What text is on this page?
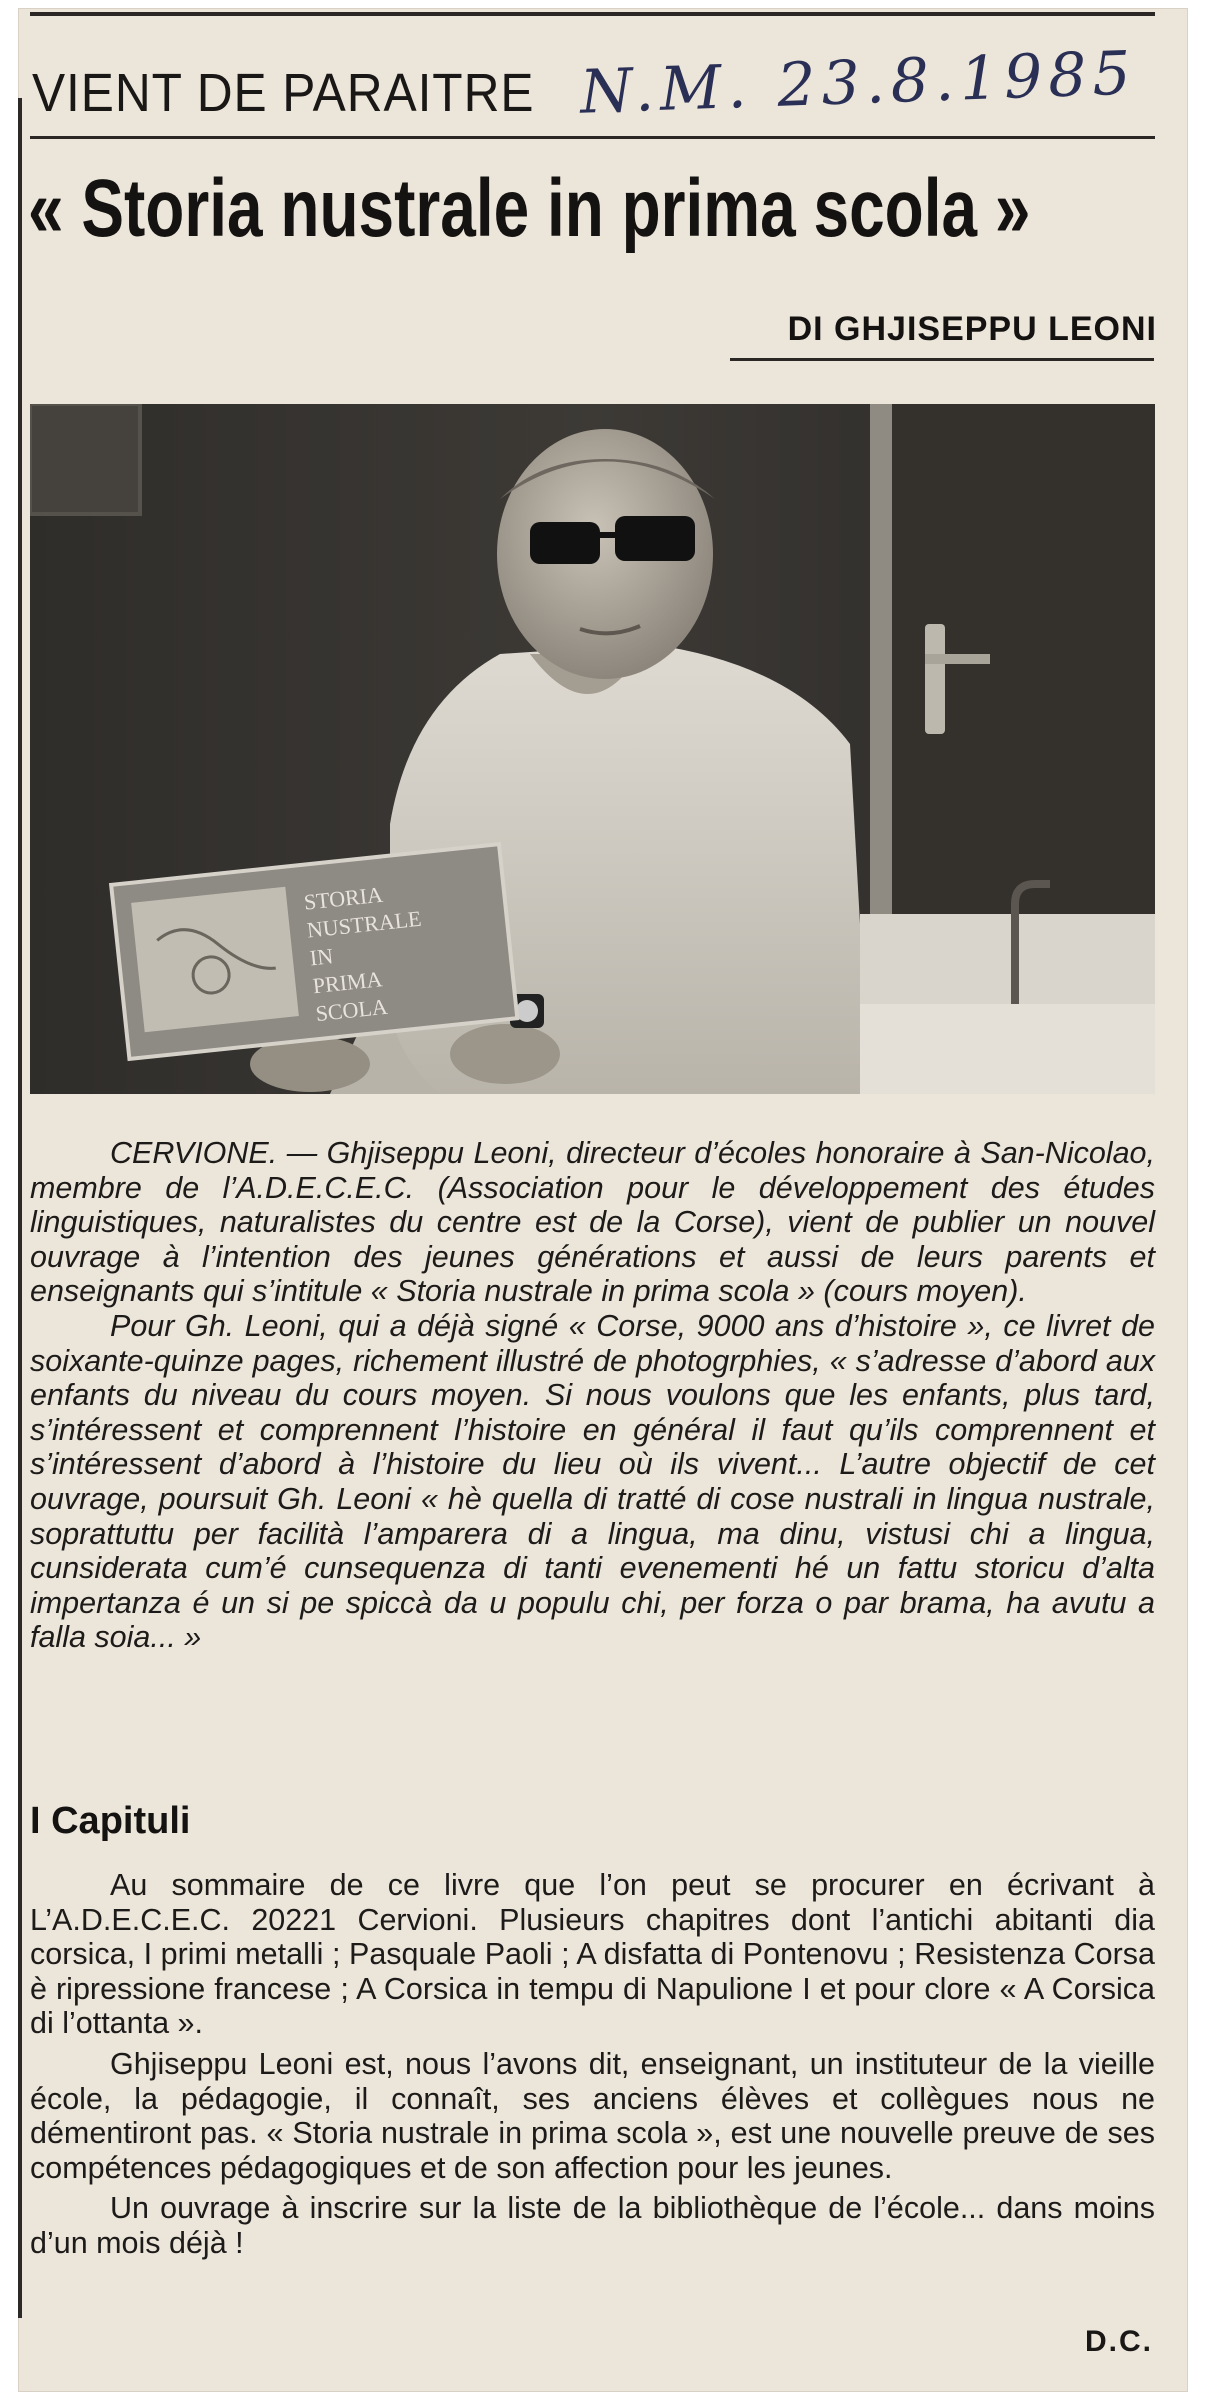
VIENT DE PARAITRE N.M. 23.8.1985

« Storia nustrale in prima scola »

DI GHJISEPPU LEONI

STORIA
NUSTRALE
IN
PRIMA
SCOLA

CERVIONE. — Ghjiseppu Leoni, directeur d’écoles honoraire à San-Nicolao, membre de l’A.D.E.C.E.C. (Association pour le développement des études linguistiques, naturalistes du centre est de la Corse), vient de publier un nouvel ouvrage à l’intention des jeunes générations et aussi de leurs parents et enseignants qui s’intitule « Storia nustrale in prima scola » (cours moyen).

Pour Gh. Leoni, qui a déjà signé « Corse, 9000 ans d’histoire », ce livret de soixante-quinze pages, richement illustré de photogrphies, « s’adresse d’abord aux enfants du niveau du cours moyen. Si nous voulons que les enfants, plus tard, s’intéressent et comprennent l’histoire en général il faut qu’ils comprennent et s’intéressent d’abord à l’histoire du lieu où ils vivent... L’autre objectif de cet ouvrage, poursuit Gh. Leoni « hè quella di tratté di cose nustrali in lingua nustrale, soprattuttu per facilità l’amparera di a lingua, ma dinu, vistusi chi a lingua, cunsiderata cum’é cunsequenza di tanti evenementi hé un fattu storicu d’alta impertanza é un si pe spiccà da u populu chi, per forza o par brama, ha avutu a falla soia... »

I Capituli

Au sommaire de ce livre que l’on peut se procurer en écrivant à L’A.D.E.C.E.C. 20221 Cervioni. Plusieurs chapitres dont l’antichi abitanti dia corsica, I primi metalli ; Pasquale Paoli ; A disfatta di Pontenovu ; Resistenza Corsa è ripressione francese ; A Corsica in tempu di Napulione I et pour clore « A Corsica di l’ottanta ».

Ghjiseppu Leoni est, nous l’avons dit, enseignant, un instituteur de la vieille école, la pédagogie, il connaît, ses anciens élèves et collègues nous ne démentiront pas. « Storia nustrale in prima scola », est une nouvelle preuve de ses compétences pédagogiques et de son affection pour les jeunes.

Un ouvrage à inscrire sur la liste de la bibliothèque de l’école... dans moins d’un mois déjà !

D.C.
